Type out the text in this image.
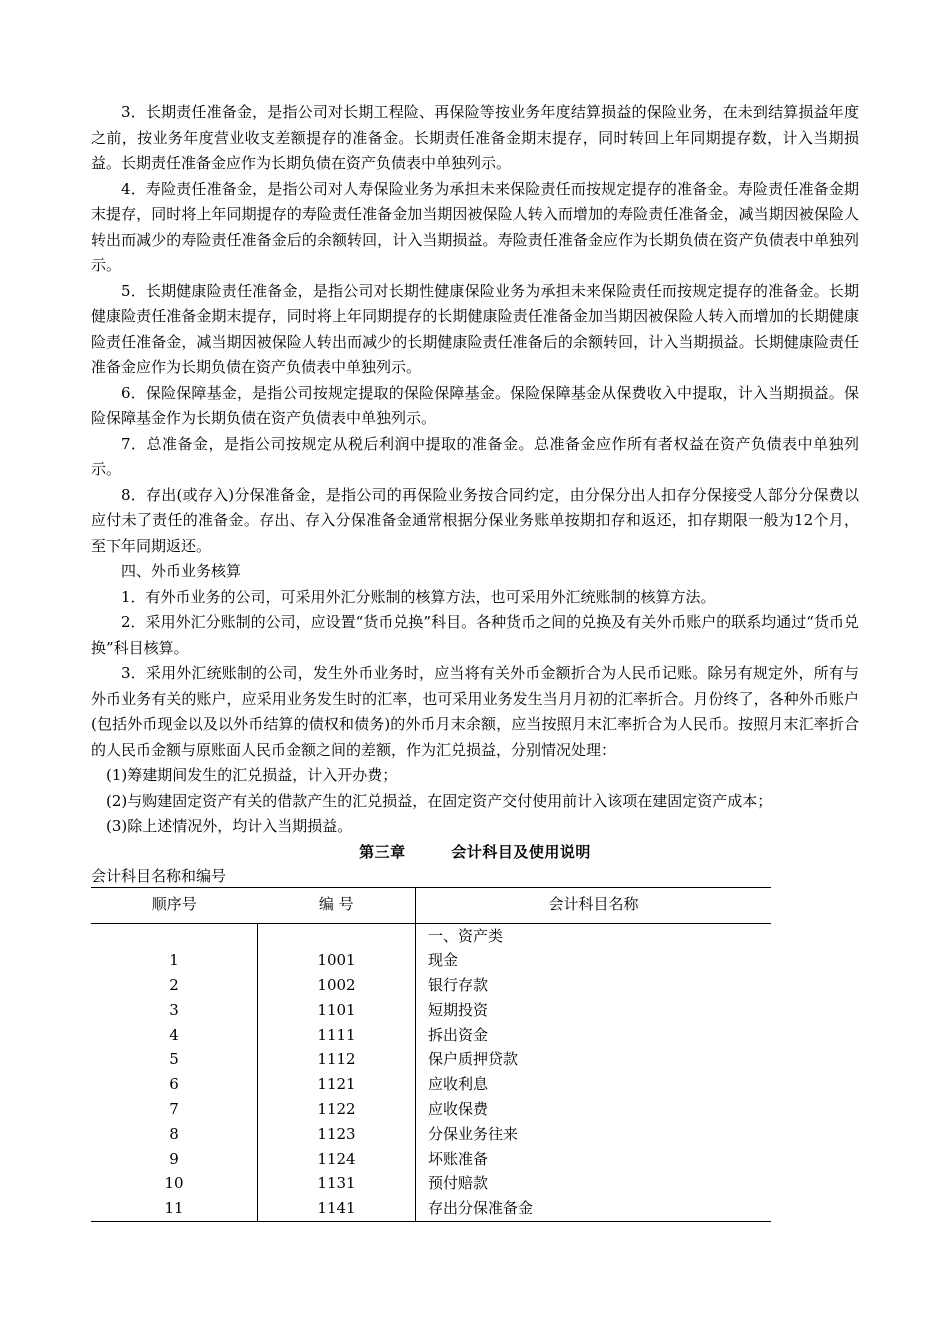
3．长期责任准备金，是指公司对长期工程险、再保险等按业务年度结算损益的保险业务，在未到结算损益年度之前，按业务年度营业收支差额提存的准备金。长期责任准备金期末提存，同时转回上年同期提存数，计入当期损益。长期责任准备金应作为长期负债在资产负债表中单独列示。

4．寿险责任准备金，是指公司对人寿保险业务为承担未来保险责任而按规定提存的准备金。寿险责任准备金期末提存，同时将上年同期提存的寿险责任准备金加当期因被保险人转入而增加的寿险责任准备金，减当期因被保险人转出而减少的寿险责任准备金后的余额转回，计入当期损益。寿险责任准备金应作为长期负债在资产负债表中单独列示。

5．长期健康险责任准备金，是指公司对长期性健康保险业务为承担未来保险责任而按规定提存的准备金。长期健康险责任准备金期末提存，同时将上年同期提存的长期健康险责任准备金加当期因被保险人转入而增加的长期健康险责任准备金，减当期因被保险人转出而减少的长期健康险责任准备后的余额转回，计入当期损益。长期健康险责任准备金应作为长期负债在资产负债表中单独列示。

6．保险保障基金，是指公司按规定提取的保险保障基金。保险保障基金从保费收入中提取，计入当期损益。保险保障基金作为长期负债在资产负债表中单独列示。

7．总准备金，是指公司按规定从税后利润中提取的准备金。总准备金应作所有者权益在资产负债表中单独列示。

8．存出(或存入)分保准备金，是指公司的再保险业务按合同约定，由分保分出人扣存分保接受人部分分保费以应付未了责任的准备金。存出、存入分保准备金通常根据分保业务账单按期扣存和返还，扣存期限一般为12个月，至下年同期返还。

四、外币业务核算

1．有外币业务的公司，可采用外汇分账制的核算方法，也可采用外汇统账制的核算方法。

2．采用外汇分账制的公司，应设置“货币兑换”科目。各种货币之间的兑换及有关外币账户的联系均通过“货币兑换”科目核算。

3．采用外汇统账制的公司，发生外币业务时，应当将有关外币金额折合为人民币记账。除另有规定外，所有与外币业务有关的账户，应采用业务发生时的汇率，也可采用业务发生当月月初的汇率折合。月份终了，各种外币账户(包括外币现金以及以外币结算的债权和债务)的外币月末余额，应当按照月末汇率折合为人民币。按照月末汇率折合的人民币金额与原账面人民币金额之间的差额，作为汇兑损益，分别情况处理：

(1)筹建期间发生的汇兑损益，计入开办费；

(2)与购建固定资产有关的借款产生的汇兑损益，在固定资产交付使用前计入该项在建固定资产成本；

(3)除上述情况外，均计入当期损益。

第三章 会计科目及使用说明

会计科目名称和编号

顺序号	编 号	会计科目名称
		一、资产类
1	1001	现金
2	1002	银行存款
3	1101	短期投资
4	1111	拆出资金
5	1112	保户质押贷款
6	1121	应收利息
7	1122	应收保费
8	1123	分保业务往来
9	1124	坏账准备
10	1131	预付赔款
11	1141	存出分保准备金
